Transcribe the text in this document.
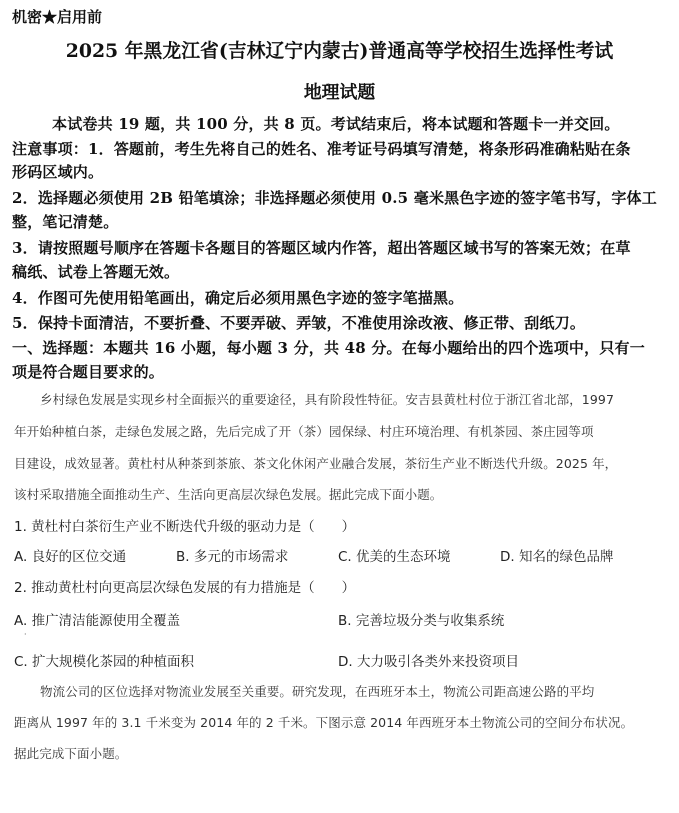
机密★启用前
2025 年黑龙江省(吉林辽宁内蒙古)普通高等学校招生选择性考试
地理试题
本试卷共 19 题，共 100 分，共 8 页。考试结束后，将本试题和答题卡一并交回。
注意事项：1．答题前，考生先将自己的姓名、准考证号码填写清楚，将条形码准确粘贴在条
形码区域内。
2．选择题必须使用 2B 铅笔填涂；非选择题必须使用 0.5 毫米黑色字迹的签字笔书写，字体工
整，笔记清楚。
3．请按照题号顺序在答题卡各题目的答题区域内作答，超出答题区域书写的答案无效；在草
稿纸、试卷上答题无效。
4．作图可先使用铅笔画出，确定后必须用黑色字迹的签字笔描黑。
5．保持卡面清洁，不要折叠、不要弄破、弄皱，不准使用涂改液、修正带、刮纸刀。
一、选择题：本题共 16 小题，每小题 3 分，共 48 分。在每小题给出的四个选项中，只有一
项是符合题目要求的。
乡村绿色发展是实现乡村全面振兴的重要途径，具有阶段性特征。安吉县黄杜村位于浙江省北部，1997
年开始种植白茶，走绿色发展之路，先后完成了开（茶）园保绿、村庄环境治理、有机茶园、茶庄园等项
目建设，成效显著。黄杜村从种茶到茶旅、茶文化休闲产业融合发展，茶衍生产业不断迭代升级。2025 年，
该村采取措施全面推动生产、生活向更高层次绿色发展。据此完成下面小题。
1. 黄杜村白茶衍生产业不断迭代升级的驱动力是（　　）
A. 良好的区位交通	B. 多元的市场需求	C. 优美的生态环境	D. 知名的绿色品牌
2. 推动黄杜村向更高层次绿色发展的有力措施是（　　）
A. 推广清洁能源使用全覆盖	B. 完善垃圾分类与收集系统
·
C. 扩大规模化茶园的种植面积	D. 大力吸引各类外来投资项目
物流公司的区位选择对物流业发展至关重要。研究发现，在西班牙本土，物流公司距高速公路的平均
距离从 1997 年的 3.1 千米变为 2014 年的 2 千米。下图示意 2014 年西班牙本土物流公司的空间分布状况。
据此完成下面小题。
